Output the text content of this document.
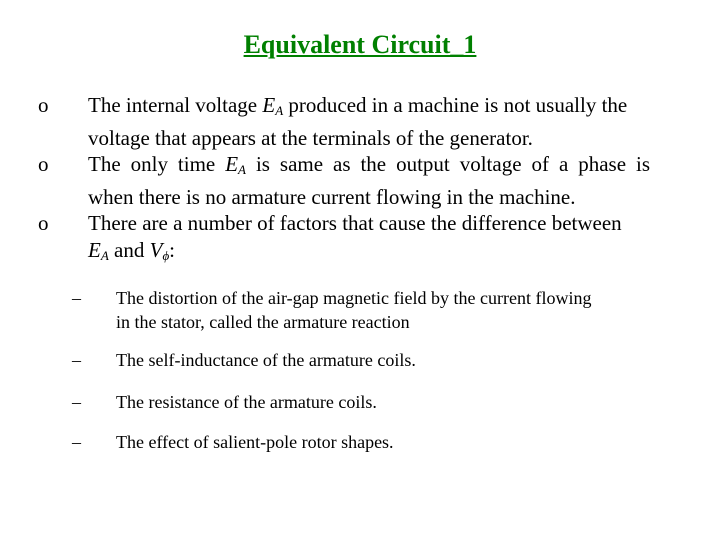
Equivalent Circuit_1
o	The internal voltage EA produced in a machine is not usually the
voltage that appears at the terminals of the generator.
o	The only time EA is same as the output voltage of a phase is
when there is no armature current flowing in the machine.
o	There are a number of factors that cause the difference between
EA and Vϕ:
– The distortion of the air-gap magnetic field by the current flowing
in the stator, called the armature reaction
– The self-inductance of the armature coils.
– The resistance of the armature coils.
– The effect of salient-pole rotor shapes.
